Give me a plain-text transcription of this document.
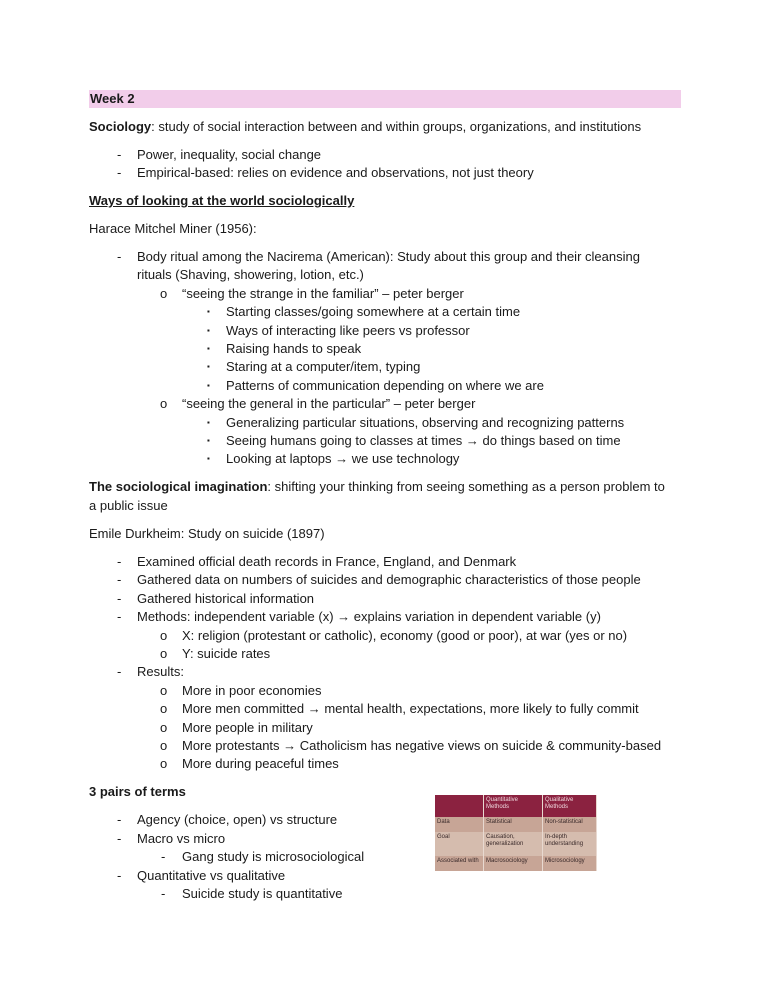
Week 2

Sociology: study of social interaction between and within groups, organizations, and institutions

- Power, inequality, social change
- Empirical-based: relies on evidence and observations, not just theory

Ways of looking at the world sociologically

Harace Mitchel Miner (1956):

- Body ritual among the Nacirema (American): Study about this group and their cleansing rituals (Shaving, showering, lotion, etc.)
o “seeing the strange in the familiar” – peter berger
▪ Starting classes/going somewhere at a certain time
▪ Ways of interacting like peers vs professor
▪ Raising hands to speak
▪ Staring at a computer/item, typing
▪ Patterns of communication depending on where we are
o “seeing the general in the particular” – peter berger
▪ Generalizing particular situations, observing and recognizing patterns
▪ Seeing humans going to classes at times → do things based on time
▪ Looking at laptops → we use technology

The sociological imagination: shifting your thinking from seeing something as a person problem to a public issue

Emile Durkheim: Study on suicide (1897)

- Examined official death records in France, England, and Denmark
- Gathered data on numbers of suicides and demographic characteristics of those people
- Gathered historical information
- Methods: independent variable (x) → explains variation in dependent variable (y)
o X: religion (protestant or catholic), economy (good or poor), at war (yes or no)
o Y: suicide rates
- Results:
o More in poor economies
o More men committed → mental health, expectations, more likely to fully commit
o More people in military
o More protestants → Catholicism has negative views on suicide & community-based
o More during peaceful times

3 pairs of terms

- Agency (choice, open) vs structure
- Macro vs micro
- Gang study is microsociological
- Quantitative vs qualitative
- Suicide study is quantitative
	Quantitative Methods	Qualitative Methods
Data	Statistical	Non-statistical
Goal	Causation, generalization	In-depth understanding
Associated with	Macrosociology	Microsociology
